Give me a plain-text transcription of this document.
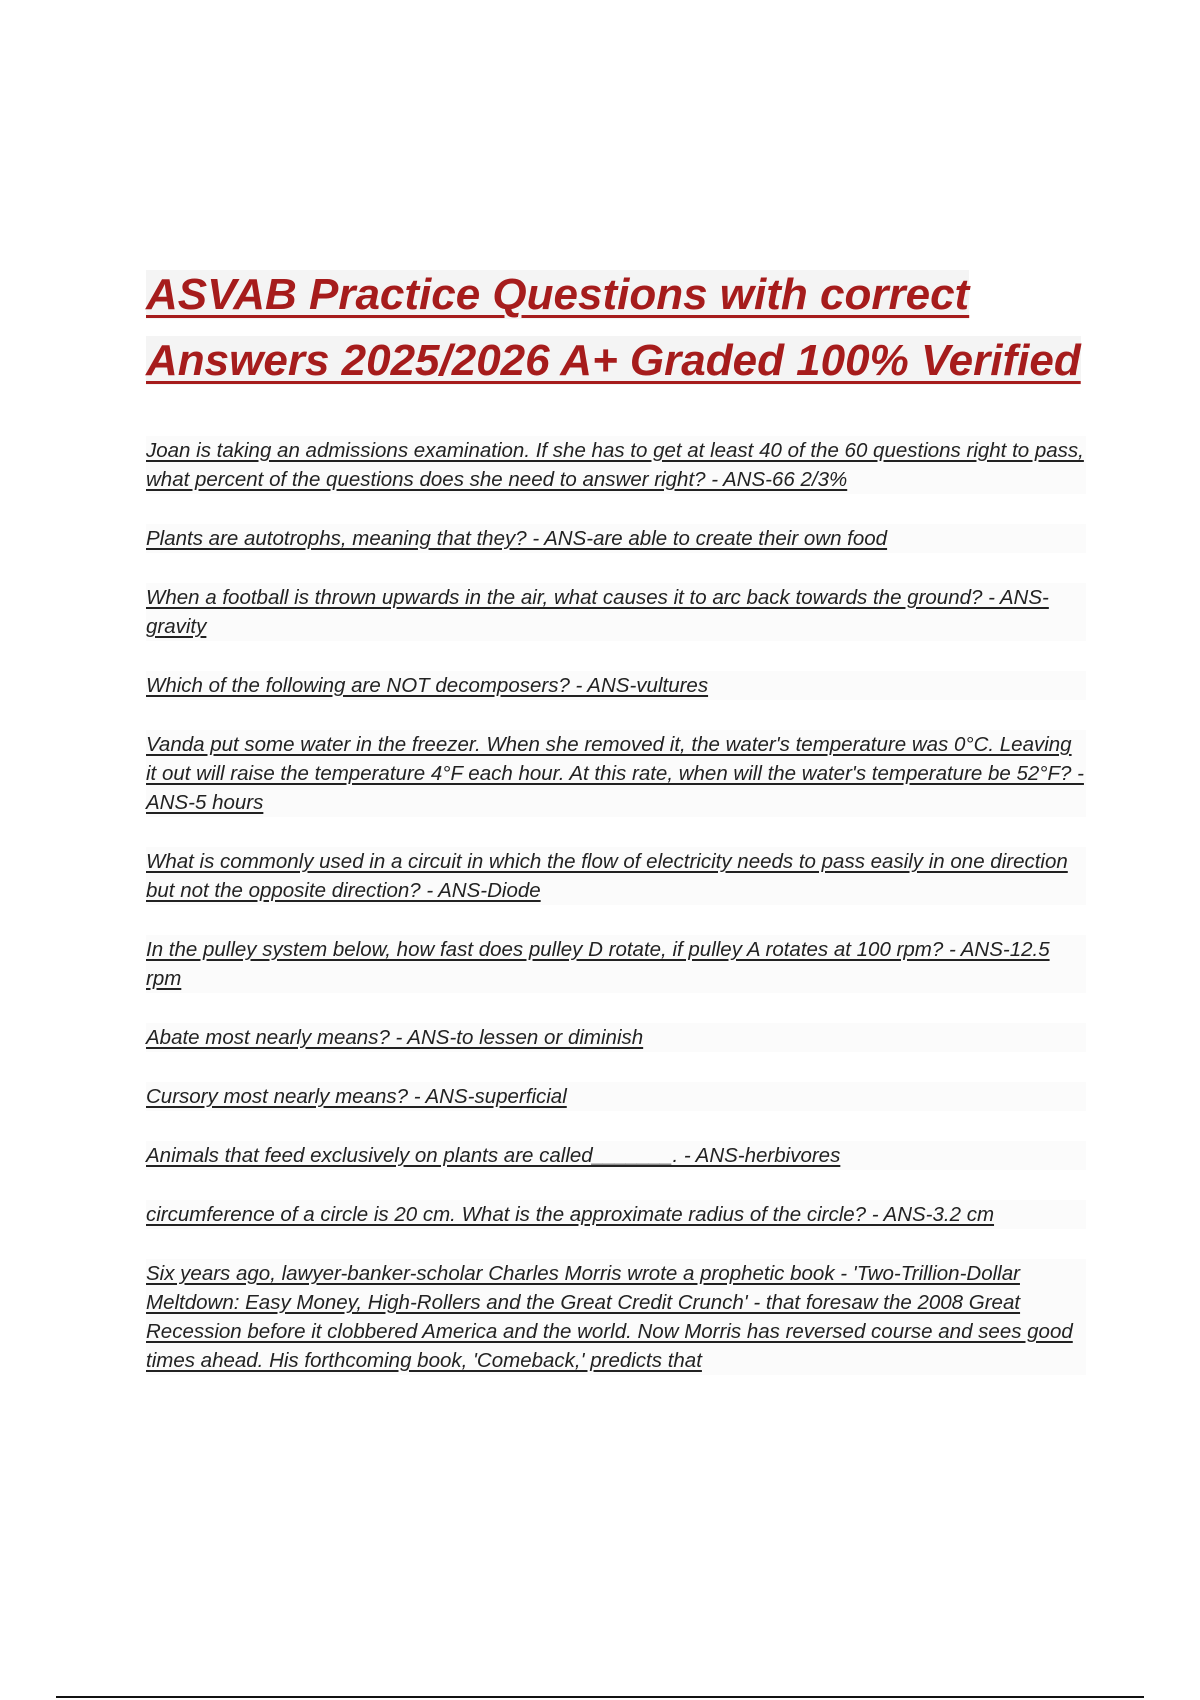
ASVAB Practice Questions with correct Answers 2025/2026 A+ Graded 100% Verified

Joan is taking an admissions examination. If she has to get at least 40 of the 60 questions right to pass, what percent of the questions does she need to answer right? - ANS-66 2/3%

Plants are autotrophs, meaning that they? - ANS-are able to create their own food

When a football is thrown upwards in the air, what causes it to arc back towards the ground? - ANS-gravity

Which of the following are NOT decomposers? - ANS-vultures

Vanda put some water in the freezer. When she removed it, the water's temperature was 0°C. Leaving it out will raise the temperature 4°F each hour. At this rate, when will the water's temperature be 52°F? - ANS-5 hours

What is commonly used in a circuit in which the flow of electricity needs to pass easily in one direction but not the opposite direction? - ANS-Diode

In the pulley system below, how fast does pulley D rotate, if pulley A rotates at 100 rpm? - ANS-12.5 rpm

Abate most nearly means? - ANS-to lessen or diminish

Cursory most nearly means? - ANS-superficial

Animals that feed exclusively on plants are called_______. - ANS-herbivores

circumference of a circle is 20 cm. What is the approximate radius of the circle? - ANS-3.2 cm

Six years ago, lawyer-banker-scholar Charles Morris wrote a prophetic book - 'Two-Trillion-Dollar Meltdown: Easy Money, High-Rollers and the Great Credit Crunch' - that foresaw the 2008 Great Recession before it clobbered America and the world. Now Morris has reversed course and sees good times ahead. His forthcoming book, 'Comeback,' predicts that
